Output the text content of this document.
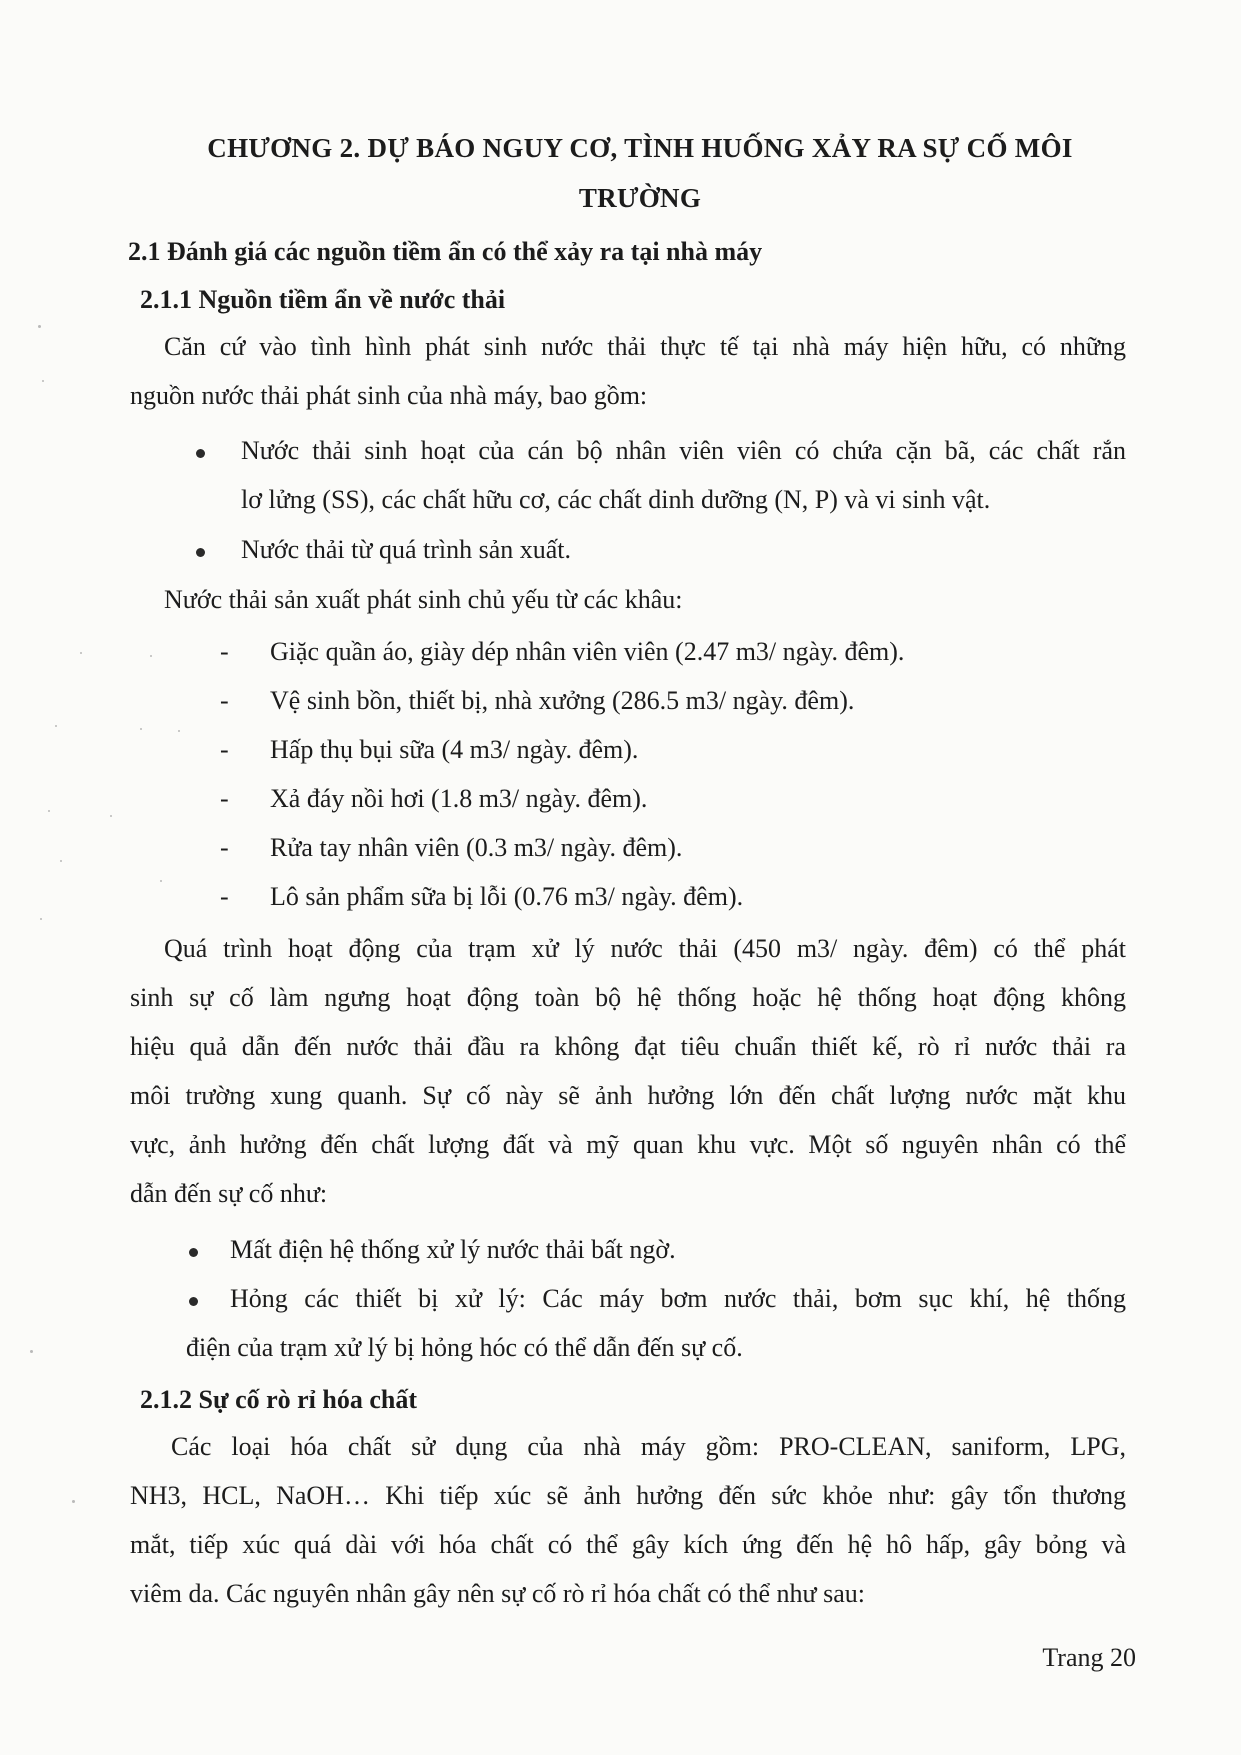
CHƯƠNG 2. DỰ BÁO NGUY CƠ, TÌNH HUỐNG XẢY RA SỰ CỐ MÔI
TRƯỜNG
2.1 Đánh giá các nguồn tiềm ẩn có thể xảy ra tại nhà máy
2.1.1 Nguồn tiềm ẩn về nước thải
Căn cứ vào tình hình phát sinh nước thải thực tế tại nhà máy hiện hữu, có những
nguồn nước thải phát sinh của nhà máy, bao gồm:
Nước thải sinh hoạt của cán bộ nhân viên viên có chứa cặn bã, các chất rắn
lơ lửng (SS), các chất hữu cơ, các chất dinh dưỡng (N, P) và vi sinh vật.
Nước thải từ quá trình sản xuất.
Nước thải sản xuất phát sinh chủ yếu từ các khâu:
- Giặc quần áo, giày dép nhân viên viên (2.47 m3/ ngày. đêm).
- Vệ sinh bồn, thiết bị, nhà xưởng (286.5 m3/ ngày. đêm).
- Hấp thụ bụi sữa (4 m3/ ngày. đêm).
- Xả đáy nồi hơi (1.8 m3/ ngày. đêm).
- Rửa tay nhân viên (0.3 m3/ ngày. đêm).
- Lô sản phẩm sữa bị lỗi (0.76 m3/ ngày. đêm).
Quá trình hoạt động của trạm xử lý nước thải (450 m3/ ngày. đêm) có thể phát
sinh sự cố làm ngưng hoạt động toàn bộ hệ thống hoặc hệ thống hoạt động không
hiệu quả dẫn đến nước thải đầu ra không đạt tiêu chuẩn thiết kế, rò rỉ nước thải ra
môi trường xung quanh. Sự cố này sẽ ảnh hưởng lớn đến chất lượng nước mặt khu
vực, ảnh hưởng đến chất lượng đất và mỹ quan khu vực. Một số nguyên nhân có thể
dẫn đến sự cố như:
Mất điện hệ thống xử lý nước thải bất ngờ.
Hỏng các thiết bị xử lý: Các máy bơm nước thải, bơm sục khí, hệ thống
điện của trạm xử lý bị hỏng hóc có thể dẫn đến sự cố.
2.1.2 Sự cố rò rỉ hóa chất
Các loại hóa chất sử dụng của nhà máy gồm: PRO-CLEAN, saniform, LPG,
NH3, HCL, NaOH… Khi tiếp xúc sẽ ảnh hưởng đến sức khỏe như: gây tổn thương
mắt, tiếp xúc quá dài với hóa chất có thể gây kích ứng đến hệ hô hấp, gây bỏng và
viêm da. Các nguyên nhân gây nên sự cố rò rỉ hóa chất có thể như sau:
Trang 20
